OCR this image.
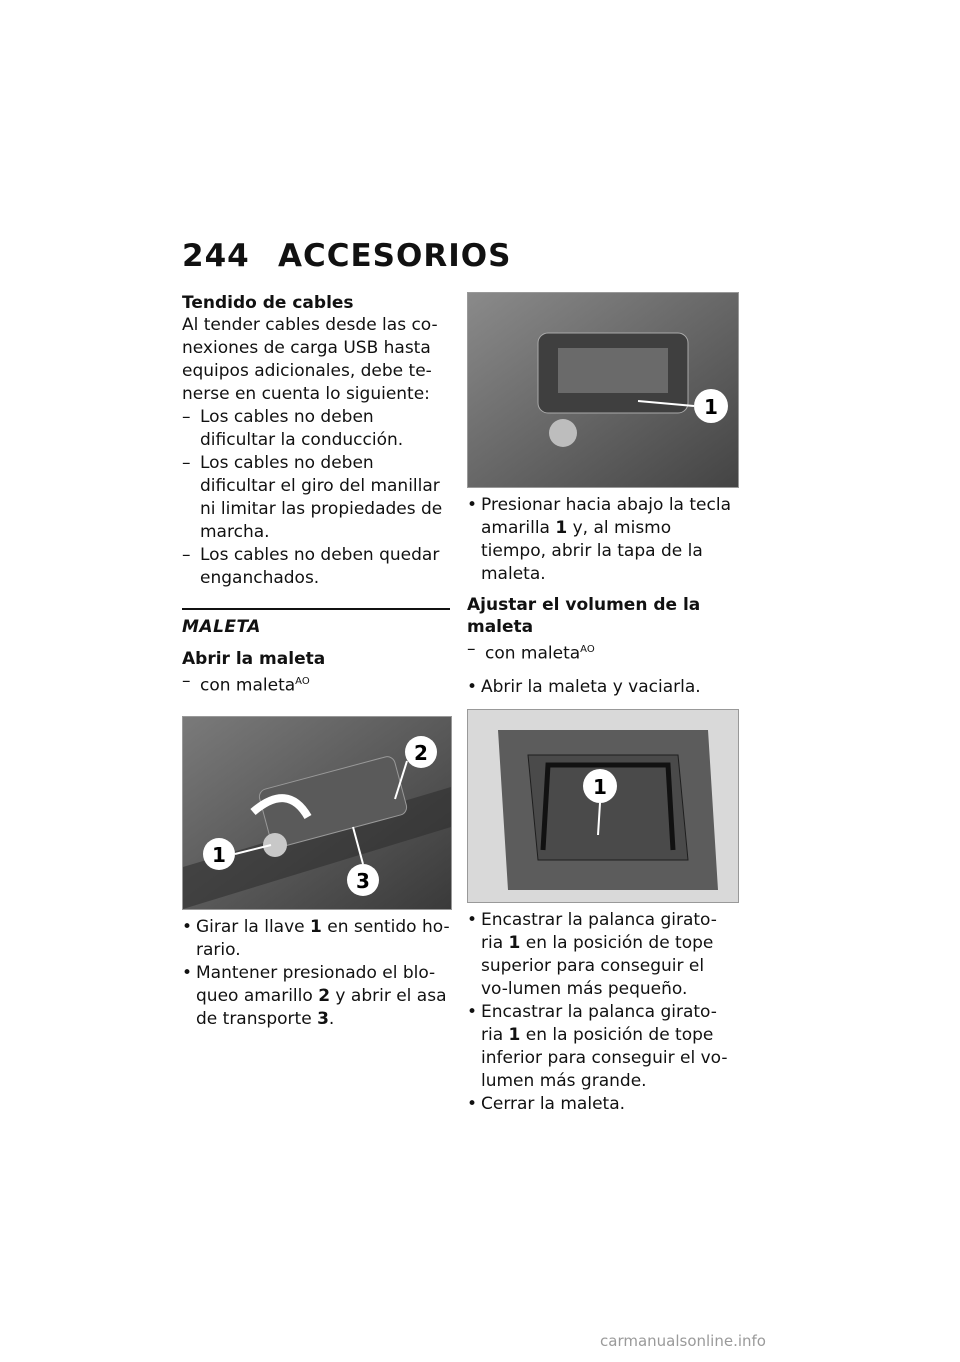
244 ACCESORIOS
Tendido de cables

Al tender cables desde las co-nexiones de carga USB hasta equipos adicionales, debe te-nerse en cuenta lo siguiente:

– Los cables no deben dificultar la conducción.
– Los cables no deben dificultar el giro del manillar ni limitar las propiedades de marcha.
– Los cables no deben quedar enganchados.
MALETA
Abrir la maleta
– con maleta$^{AO}$
1
2
3
• Girar la llave 1 en sentido ho-rario.
• Mantener presionado el blo-queo amarillo 2 y abrir el asa de transporte 3.
1
• Presionar hacia abajo la tecla amarilla 1 y, al mismo tiempo, abrir la tapa de la maleta.
Ajustar el volumen de la maleta
– con maleta$^{AO}$
• Abrir la maleta y vaciarla.
1
• Encastrar la palanca girato-ria 1 en la posición de tope superior para conseguir el vo-lumen más pequeño.
• Encastrar la palanca girato-ria 1 en la posición de tope inferior para conseguir el vo-lumen más grande.
• Cerrar la maleta.
carmanualsonline.info
